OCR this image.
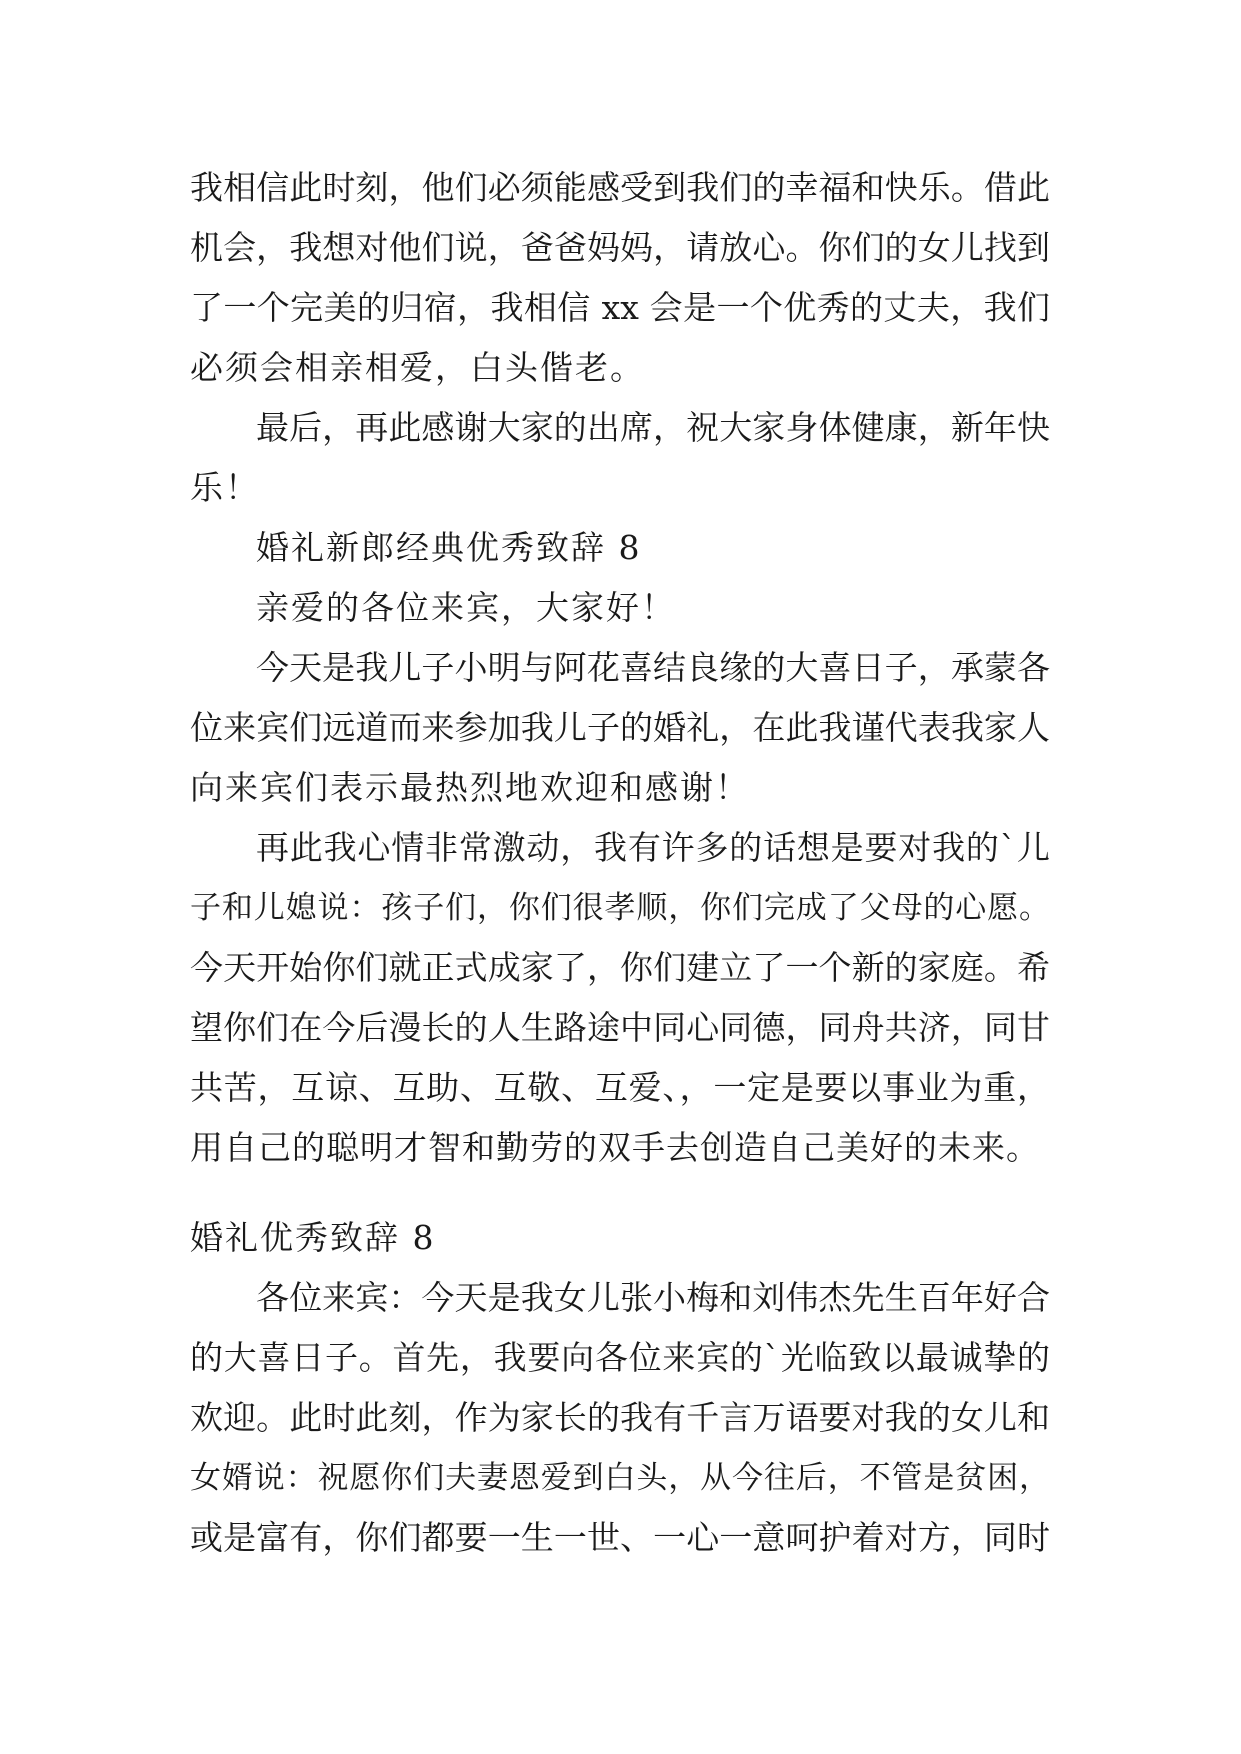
我相信此时刻，他们必须能感受到我们的幸福和快乐。借此
机会，我想对他们说，爸爸妈妈，请放心。你们的女儿找到
了一个完美的归宿，我相信 xx 会是一个优秀的丈夫，我们
必须会相亲相爱，白头偕老。
最后，再此感谢大家的出席，祝大家身体健康，新年快
乐！
婚礼新郎经典优秀致辞 8
亲爱的各位来宾，大家好！
今天是我儿子小明与阿花喜结良缘的大喜日子，承蒙各
位来宾们远道而来参加我儿子的婚礼，在此我谨代表我家人
向来宾们表示最热烈地欢迎和感谢！
再此我心情非常激动，我有许多的话想是要对我的`儿
子和儿媳说：孩子们，你们很孝顺，你们完成了父母的心愿。
今天开始你们就正式成家了，你们建立了一个新的家庭。希
望你们在今后漫长的人生路途中同心同德，同舟共济，同甘
共苦，互谅、互助、互敬、互爱、，一定是要以事业为重，
用自己的聪明才智和勤劳的双手去创造自己美好的未来。
婚礼优秀致辞 8
各位来宾：今天是我女儿张小梅和刘伟杰先生百年好合
的大喜日子。首先，我要向各位来宾的`光临致以最诚挚的
欢迎。此时此刻，作为家长的我有千言万语要对我的女儿和
女婿说：祝愿你们夫妻恩爱到白头，从今往后，不管是贫困，
或是富有，你们都要一生一世、一心一意呵护着对方，同时
